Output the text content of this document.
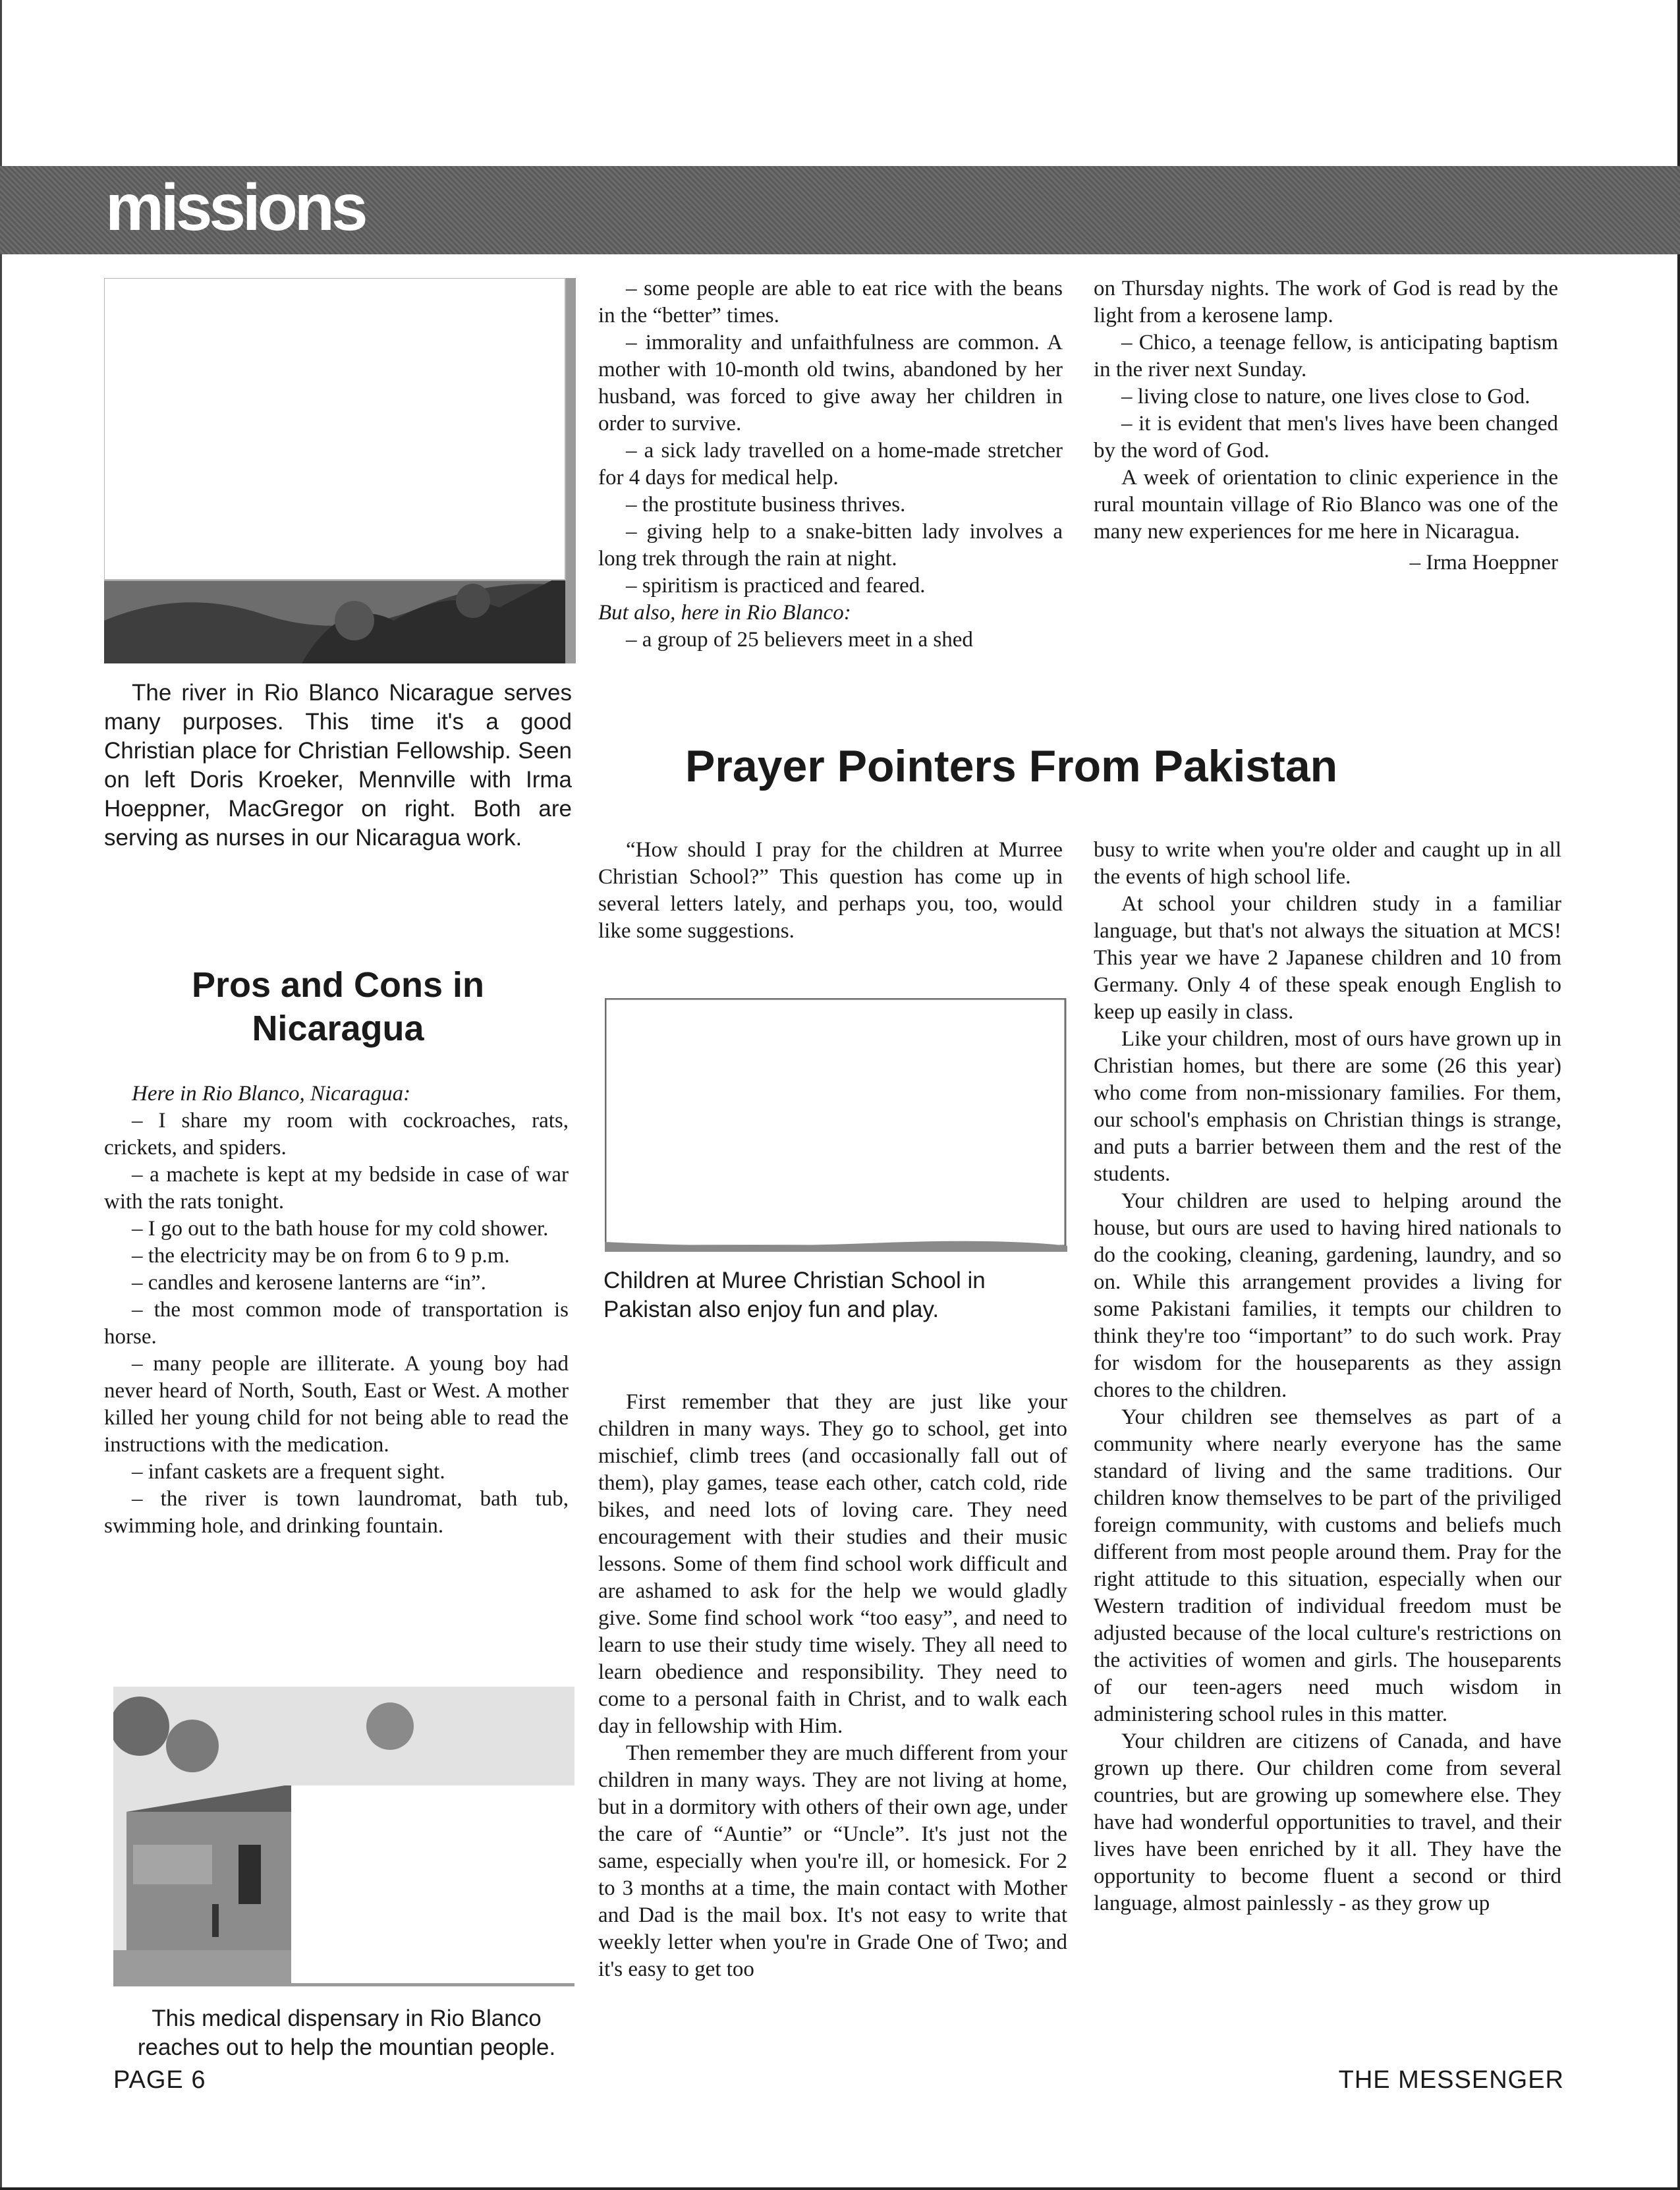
missions

The river in Rio Blanco Nicarague serves many purposes. This time it's a good Christian place for Christian Fellowship. Seen on left Doris Kroeker, Mennville with Irma Hoeppner, MacGregor on right. Both are serving as nurses in our Nicaragua work.

Pros and Cons in
Nicaragua

Here in Rio Blanco, Nicaragua:

– I share my room with cockroaches, rats, crickets, and spiders.

– a machete is kept at my bedside in case of war with the rats tonight.

– I go out to the bath house for my cold shower.

– the electricity may be on from 6 to 9 p.m.

– candles and kerosene lanterns are “in”.

– the most common mode of transportation is horse.

– many people are illiterate. A young boy had never heard of North, South, East or West. A mother killed her young child for not being able to read the instructions with the medication.

– infant caskets are a frequent sight.

– the river is town laundromat, bath tub, swimming hole, and drinking fountain.

This medical dispensary in Rio Blanco reaches out to help the mountian people.

– some people are able to eat rice with the beans in the “better” times.

– immorality and unfaithfulness are common. A mother with 10-month old twins, abandoned by her husband, was forced to give away her children in order to survive.

– a sick lady travelled on a home-made stretcher for 4 days for medical help.

– the prostitute business thrives.

– giving help to a snake-bitten lady involves a long trek through the rain at night.

– spiritism is practiced and feared.

But also, here in Rio Blanco:

– a group of 25 believers meet in a shed

on Thursday nights. The work of God is read by the light from a kerosene lamp.

– Chico, a teenage fellow, is anticipating baptism in the river next Sunday.

– living close to nature, one lives close to God.

– it is evident that men's lives have been changed by the word of God.

A week of orientation to clinic experience in the rural mountain village of Rio Blanco was one of the many new experiences for me here in Nicaragua.

– Irma Hoeppner

Prayer Pointers From Pakistan

“How should I pray for the children at Murree Christian School?” This question has come up in several letters lately, and perhaps you, too, would like some suggestions.

Children at Muree Christian School in Pakistan also enjoy fun and play.

First remember that they are just like your children in many ways. They go to school, get into mischief, climb trees (and occasionally fall out of them), play games, tease each other, catch cold, ride bikes, and need lots of loving care. They need encouragement with their studies and their music lessons. Some of them find school work difficult and are ashamed to ask for the help we would gladly give. Some find school work “too easy”, and need to learn to use their study time wisely. They all need to learn obedience and responsibility. They need to come to a personal faith in Christ, and to walk each day in fellowship with Him.

Then remember they are much different from your children in many ways. They are not living at home, but in a dormitory with others of their own age, under the care of “Auntie” or “Uncle”. It's just not the same, especially when you're ill, or homesick. For 2 to 3 months at a time, the main contact with Mother and Dad is the mail box. It's not easy to write that weekly letter when you're in Grade One of Two; and it's easy to get too

busy to write when you're older and caught up in all the events of high school life.

At school your children study in a familiar language, but that's not always the situation at MCS! This year we have 2 Japanese children and 10 from Germany. Only 4 of these speak enough English to keep up easily in class.

Like your children, most of ours have grown up in Christian homes, but there are some (26 this year) who come from non-missionary families. For them, our school's emphasis on Christian things is strange, and puts a barrier between them and the rest of the students.

Your children are used to helping around the house, but ours are used to having hired nationals to do the cooking, cleaning, gardening, laundry, and so on. While this arrangement provides a living for some Pakistani families, it tempts our children to think they're too “important” to do such work. Pray for wisdom for the houseparents as they assign chores to the children.

Your children see themselves as part of a community where nearly everyone has the same standard of living and the same traditions. Our children know themselves to be part of the priviliged foreign community, with customs and beliefs much different from most people around them. Pray for the right attitude to this situation, especially when our Western tradition of individual freedom must be adjusted because of the local culture's restrictions on the activities of women and girls. The houseparents of our teen-agers need much wisdom in administering school rules in this matter.

Your children are citizens of Canada, and have grown up there. Our children come from several countries, but are growing up somewhere else. They have had wonderful opportunities to travel, and their lives have been enriched by it all. They have the opportunity to become fluent a second or third language, almost painlessly - as they grow up

PAGE 6	THE MESSENGER
